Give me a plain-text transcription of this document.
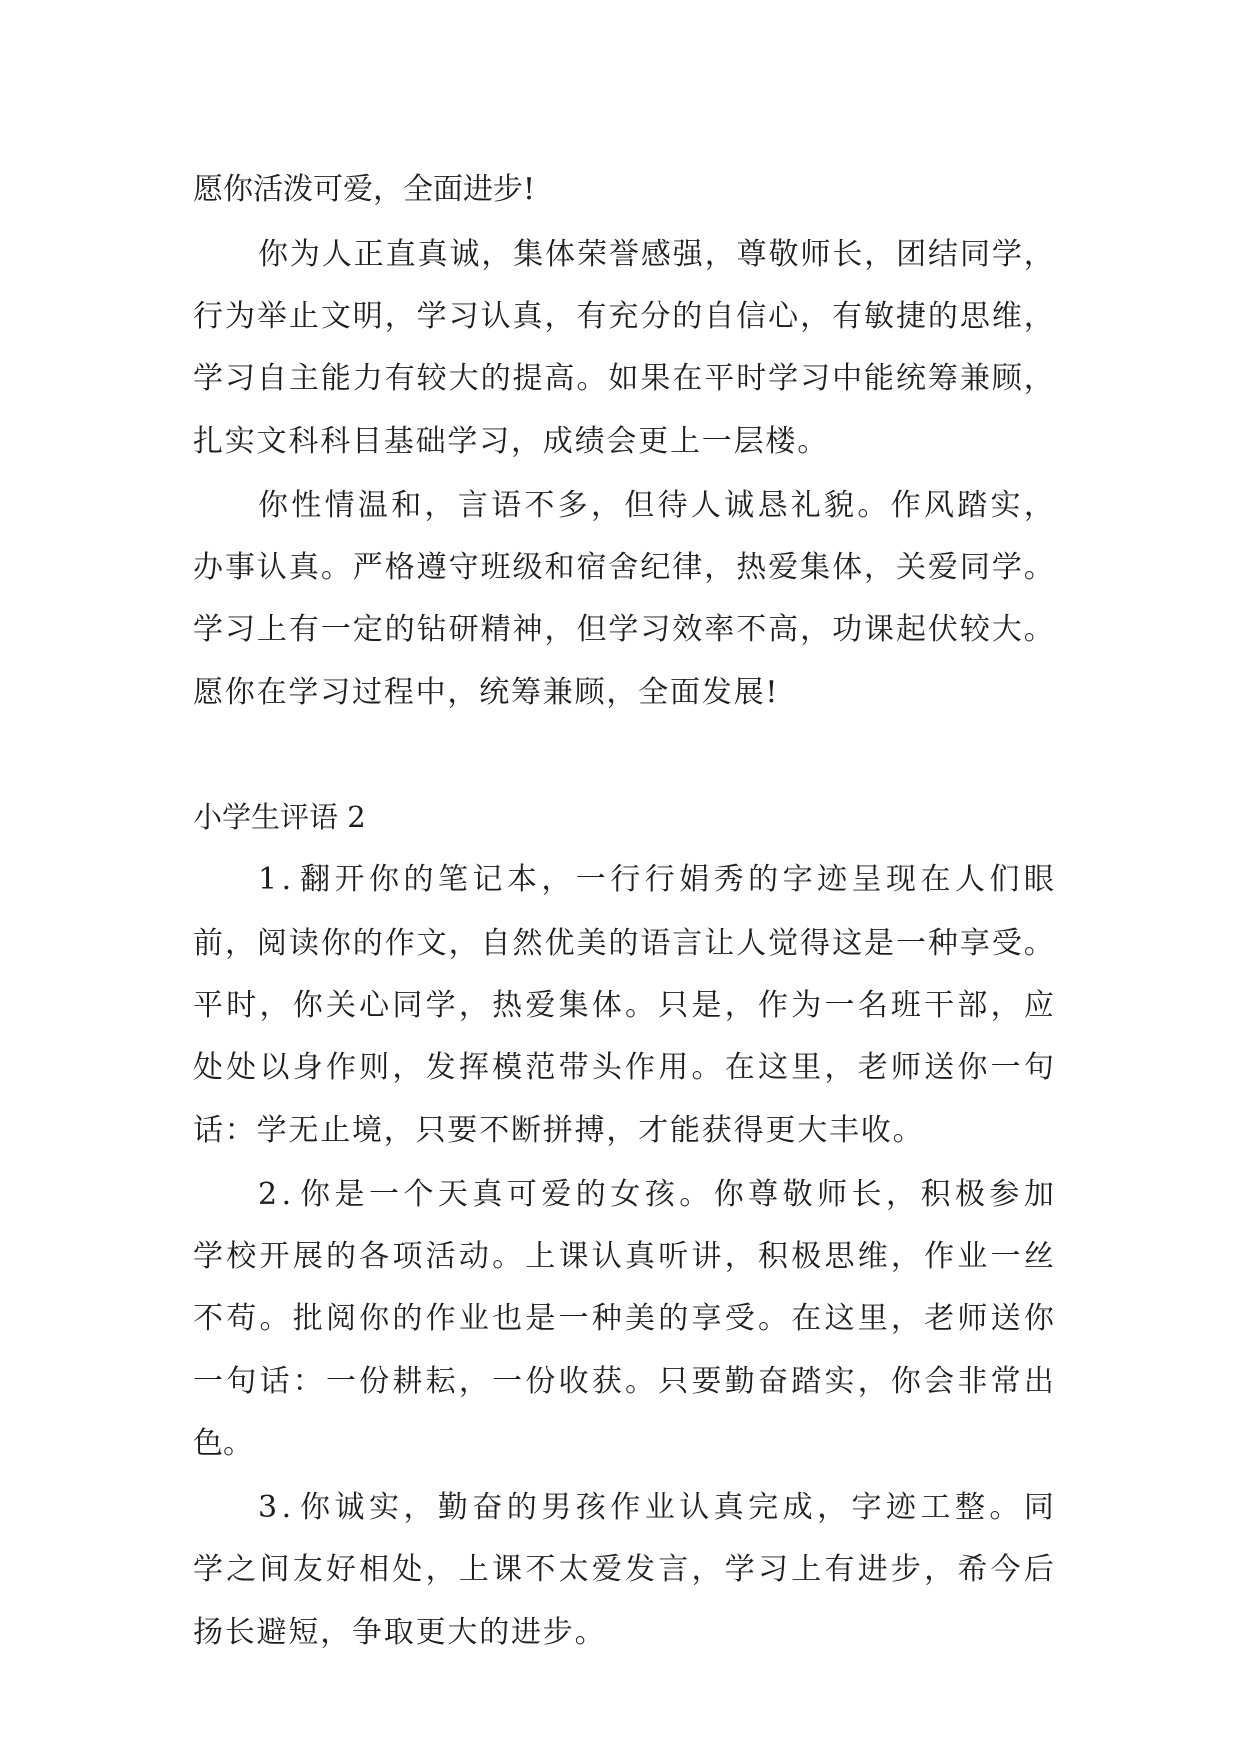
愿你活泼可爱，全面进步!

你 为 人 正 直 真 诚 ， 集 体 荣 誉 感 强 ， 尊 敬 师 长 ， 团 结 同 学 ，

行 为 举 止 文 明 ， 学 习 认 真 ， 有 充 分 的 自 信 心 ， 有 敏 捷 的 思 维 ，

学 习 自 主 能 力 有 较 大 的 提 高 。 如 果 在 平 时 学 习 中 能 统 筹 兼 顾 ，

扎实文科科目基础学习，成绩会更上一层楼。

你 性 情 温 和 ， 言 语 不 多 ， 但 待 人 诚 恳 礼 貌 。 作 风 踏 实 ，

办 事 认 真 。 严 格 遵 守 班 级 和 宿 舍 纪 律 ， 热 爱 集 体 ， 关 爱 同 学 。

学 习 上 有 一 定 的 钻 研 精 神 ， 但 学 习 效 率 不 高 ， 功 课 起 伏 较 大 。

愿你在学习过程中，统筹兼顾，全面发展!

小学生评语 2

1 . 翻 开 你 的 笔 记 本 ， 一 行 行 娟 秀 的 字 迹 呈 现 在 人 们 眼

前 ， 阅 读 你 的 作 文 ， 自 然 优 美 的 语 言 让 人 觉 得 这 是 一 种 享 受 。

平 时 ， 你 关 心 同 学 ， 热 爱 集 体 。 只 是 ， 作 为 一 名 班 干 部 ， 应

处 处 以 身 作 则 ， 发 挥 模 范 带 头 作 用 。 在 这 里 ， 老 师 送 你 一 句

话：学无止境，只要不断拼搏，才能获得更大丰收。

2 . 你 是 一 个 天 真 可 爱 的 女 孩 。 你 尊 敬 师 长 ， 积 极 参 加

学 校 开 展 的 各 项 活 动 。 上 课 认 真 听 讲 ， 积 极 思 维 ， 作 业 一 丝

不 苟 。 批 阅 你 的 作 业 也 是 一 种 美 的 享 受 。 在 这 里 ， 老 师 送 你

一 句 话 ： 一 份 耕 耘 ， 一 份 收 获 。 只 要 勤 奋 踏 实 ， 你 会 非 常 出

色。

3 . 你 诚 实 ， 勤 奋 的 男 孩 作 业 认 真 完 成 ， 字 迹 工 整 。 同

学 之 间 友 好 相 处 ， 上 课 不 太 爱 发 言 ， 学 习 上 有 进 步 ， 希 今 后

扬长避短，争取更大的进步。
